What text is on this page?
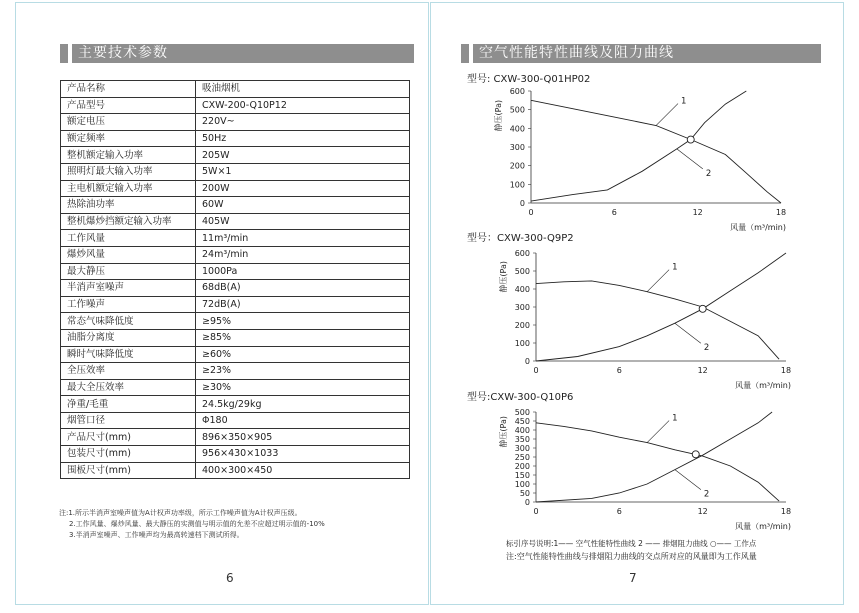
主要技术参数
产品名称	吸油烟机
产品型号	CXW-200-Q10P12
额定电压	220V~
额定频率	50Hz
整机额定输入功率	205W
照明灯最大输入功率	5W×1
主电机额定输入功率	200W
热除油功率	60W
整机爆炒挡额定输入功率	405W
工作风量	11m³/min
爆炒风量	24m³/min
最大静压	1000Pa
半消声室噪声	68dB(A)
工作噪声	72dB(A)
常态气味降低度	≥95%
油脂分离度	≥85%
瞬时气味降低度	≥60%
全压效率	≥23%
最大全压效率	≥30%
净重/毛重	24.5kg/29kg
烟管口径	Φ180
产品尺寸(mm)	896×350×905
包装尺寸(mm)	956×430×1033
围板尺寸(mm)	400×300×450
注:1.所示半消声室噪声值为A计权声功率级，所示工作噪声值为A计权声压级。
2.工作风量、爆炒风量、最大静压的实测值与明示值的允差不应超过明示值的-10%
3.半消声室噪声、工作噪声均为最高转速档下测试所得。
6
空气性能特性曲线及阻力曲线
型号: CXW-300-Q01HP02
0
100
200
300
400
500
600
0	6	12	18
静压(Pa)
风量（m³/min)
1
2
型号：CXW-300-Q9P2
0
100
200
300
400
500
600
0	6	12	18
静压(Pa)
风量（m³/min)
1
2
型号:CXW-300-Q10P6
0
50
100
150
200
250
300
350
400
450
500
0	6	12	18
静压(Pa)
风量（m³/min)
1
2
标引序号说明:1—— 空气性能特性曲线 2 —— 排烟阻力曲线 ○—— 工作点
注:空气性能特性曲线与排烟阻力曲线的交点所对应的风量即为工作风量
7
